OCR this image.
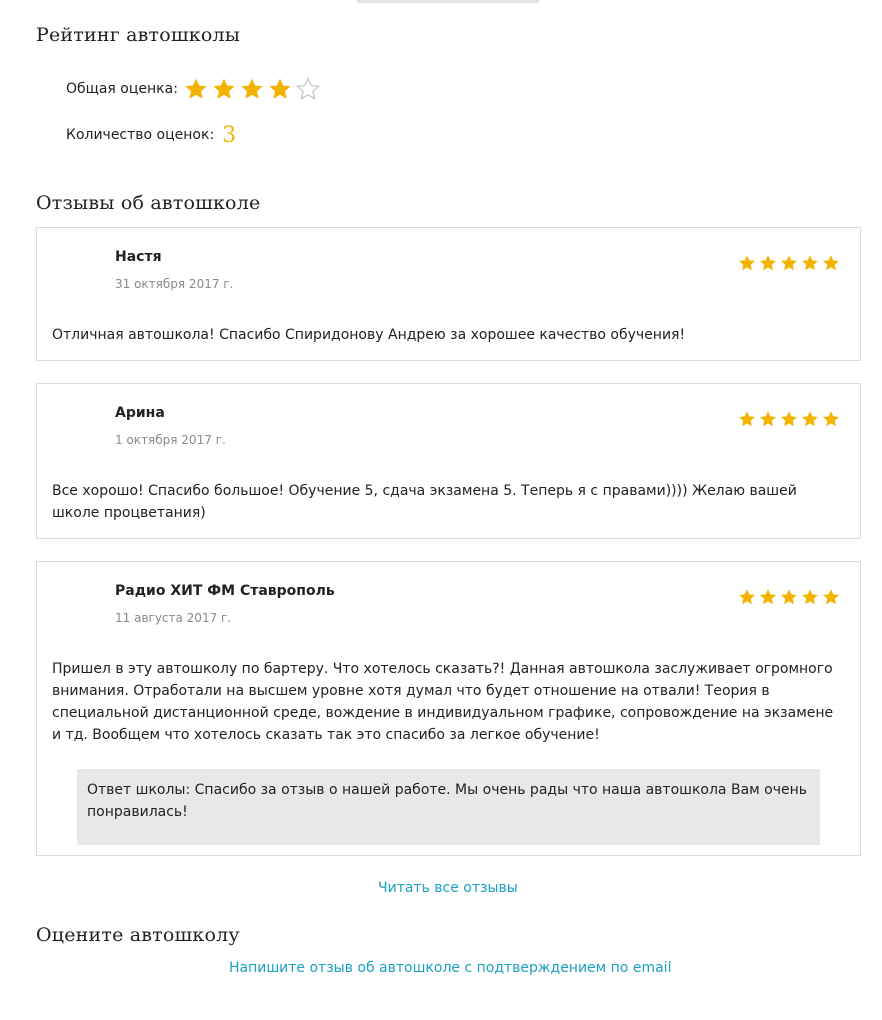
Рейтинг автошколы
Общая оценка:
Количество оценок: 3
Отзывы об автошколе
Настя
31 октября 2017 г.
Отличная автошкола! Спасибо Спиридонову Андрею за хорошее качество обучения!
Арина
1 октября 2017 г.
Все хорошо! Спасибо большое! Обучение 5, сдача экзамена 5. Теперь я с правами)))) Желаю вашей школе процветания)
Радио ХИТ ФМ Ставрополь
11 августа 2017 г.
Пришел в эту автошколу по бартеру. Что хотелось сказать?! Данная автошкола заслуживает огромного внимания. Отработали на высшем уровне хотя думал что будет отношение на отвали! Теория в специальной дистанционной среде, вождение в индивидуальном графике, сопровождение на экзамене и тд. Вообщем что хотелось сказать так это спасибо за легкое обучение!
Ответ школы: Спасибо за отзыв о нашей работе. Мы очень рады что наша автошкола Вам очень понравилась!
Читать все отзывы
Оцените автошколу
Напишите отзыв об автошколе с подтверждением по email
